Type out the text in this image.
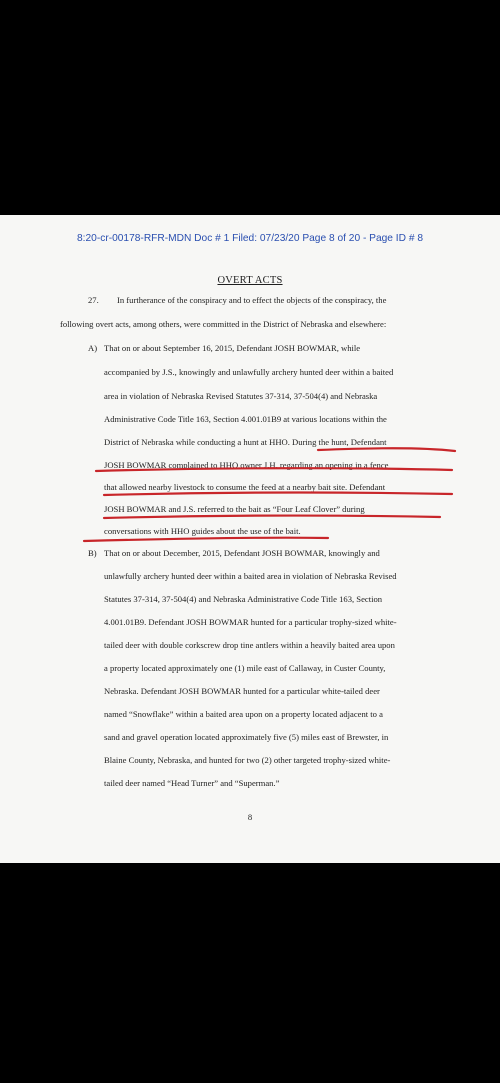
8:20-cr-00178-RFR-MDN Doc # 1 Filed: 07/23/20 Page 8 of 20 - Page ID # 8
OVERT ACTS
27. In furtherance of the conspiracy and to effect the objects of the conspiracy, the
following overt acts, among others, were committed in the District of Nebraska and elsewhere:
A) That on or about September 16, 2015, Defendant JOSH BOWMAR, while
accompanied by J.S., knowingly and unlawfully archery hunted deer within a baited
area in violation of Nebraska Revised Statutes 37-314, 37-504(4) and Nebraska
Administrative Code Title 163, Section 4.001.01B9 at various locations within the
District of Nebraska while conducting a hunt at HHO. During the hunt, Defendant
JOSH BOWMAR complained to HHO owner J.H. regarding an opening in a fence
that allowed nearby livestock to consume the feed at a nearby bait site. Defendant
JOSH BOWMAR and J.S. referred to the bait as “Four Leaf Clover” during
conversations with HHO guides about the use of the bait.
B) That on or about December, 2015, Defendant JOSH BOWMAR, knowingly and
unlawfully archery hunted deer within a baited area in violation of Nebraska Revised
Statutes 37-314, 37-504(4) and Nebraska Administrative Code Title 163, Section
4.001.01B9. Defendant JOSH BOWMAR hunted for a particular trophy-sized white-
tailed deer with double corkscrew drop tine antlers within a heavily baited area upon
a property located approximately one (1) mile east of Callaway, in Custer County,
Nebraska. Defendant JOSH BOWMAR hunted for a particular white-tailed deer
named “Snowflake” within a baited area upon on a property located adjacent to a
sand and gravel operation located approximately five (5) miles east of Brewster, in
Blaine County, Nebraska, and hunted for two (2) other targeted trophy-sized white-
tailed deer named “Head Turner” and “Superman.”
8
